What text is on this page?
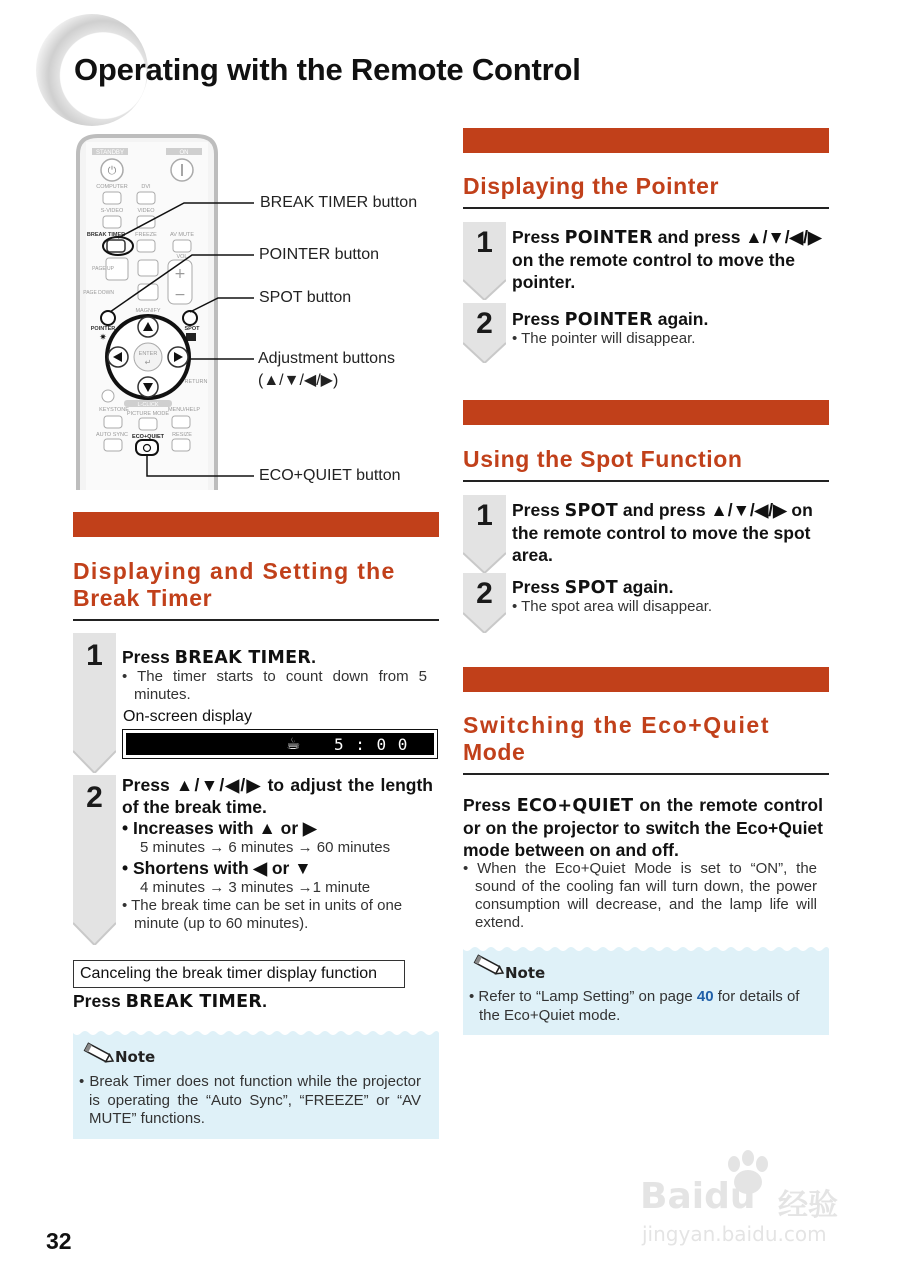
Operating with the Remote Control
STANDBY	ON
⏻
COMPUTER DVI
S-VIDEO	VIDEO
BREAK TIMER FREEZE AV MUTE
VOL
+
−
PAGE UP
PAGE DOWN
MAGNIFY
POINTER	SPOT
✷
ENTER
↵
RETURN
L-CLICK
KEYSTONE
PICTURE MODE
MENU/HELP
AUTO SYNC	RESIZE
ECO+QUIET
BREAK TIMER button
POINTER button
SPOT button
Adjustment buttons
(▲/▼/◀/▶)
ECO+QUIET button
Displaying and Setting the
Break Timer
1	Press BREAK TIMER.
• The timer starts to count down from 5 minutes.
On-screen display
☕ 5 : 0 0
2	Press ▲/▼/◀/▶ to adjust the length of the break time.
• Increases with ▲ or ▶
5 minutes → 6 minutes → 60 minutes
• Shortens with ◀ or ▼
4 minutes → 3 minutes →1 minute
• The break time can be set in units of one minute (up to 60 minutes).
Canceling the break timer display function
Press BREAK TIMER.
Note
• Break Timer does not function while the projector is operating the “Auto Sync”, “FREEZE” or “AV MUTE” functions.
32
Displaying the Pointer
1	Press POINTER and press ▲/▼/◀/▶ on the remote control to move the pointer.
2	Press POINTER again.
• The pointer will disappear.
Using the Spot Function
1	Press SPOT and press ▲/▼/◀/▶ on the remote control to move the spot area.
2	Press SPOT again.
• The spot area will disappear.
Switching the Eco+Quiet
Mode
Press ECO+QUIET on the remote control or on the projector to switch the Eco+Quiet mode between on and off.
• When the Eco+Quiet Mode is set to “ON”, the sound of the cooling fan will turn down, the power consumption will decrease, and the lamp life will extend.
Note
• Refer to “Lamp Setting” on page 40 for details of the Eco+Quiet mode.
Baidu 经验
jingyan.baidu.com
